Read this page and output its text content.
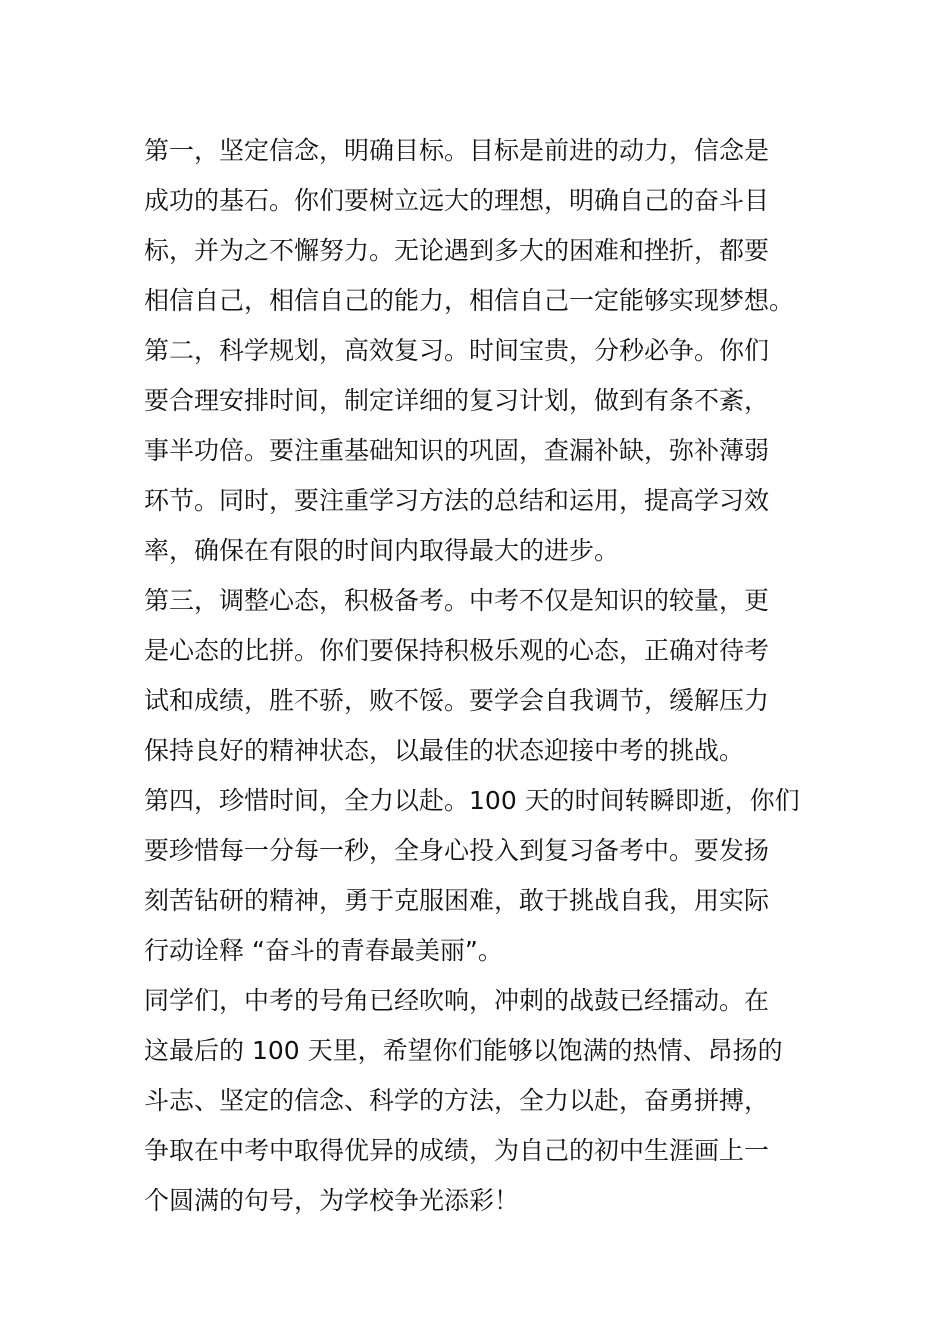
第一，坚定信念，明确目标。目标是前进的动力，信念是
成功的基石。你们要树立远大的理想，明确自己的奋斗目
标，并为之不懈努力。无论遇到多大的困难和挫折，都要
相信自己，相信自己的能力，相信自己一定能够实现梦想。
第二，科学规划，高效复习。时间宝贵，分秒必争。你们
要合理安排时间，制定详细的复习计划，做到有条不紊，
事半功倍。要注重基础知识的巩固，查漏补缺，弥补薄弱
环节。同时，要注重学习方法的总结和运用，提高学习效
率，确保在有限的时间内取得最大的进步。
第三，调整心态，积极备考。中考不仅是知识的较量，更
是心态的比拼。你们要保持积极乐观的心态，正确对待考
试和成绩，胜不骄，败不馁。要学会自我调节，缓解压力
保持良好的精神状态，以最佳的状态迎接中考的挑战。
第四，珍惜时间，全力以赴。100 天的时间转瞬即逝，你们
要珍惜每一分每一秒，全身心投入到复习备考中。要发扬
刻苦钻研的精神，勇于克服困难，敢于挑战自我，用实际
行动诠释 “奋斗的青春最美丽”。
同学们，中考的号角已经吹响，冲刺的战鼓已经擂动。在
这最后的 100 天里，希望你们能够以饱满的热情、昂扬的
斗志、坚定的信念、科学的方法，全力以赴，奋勇拼搏，
争取在中考中取得优异的成绩，为自己的初中生涯画上一
个圆满的句号，为学校争光添彩！
